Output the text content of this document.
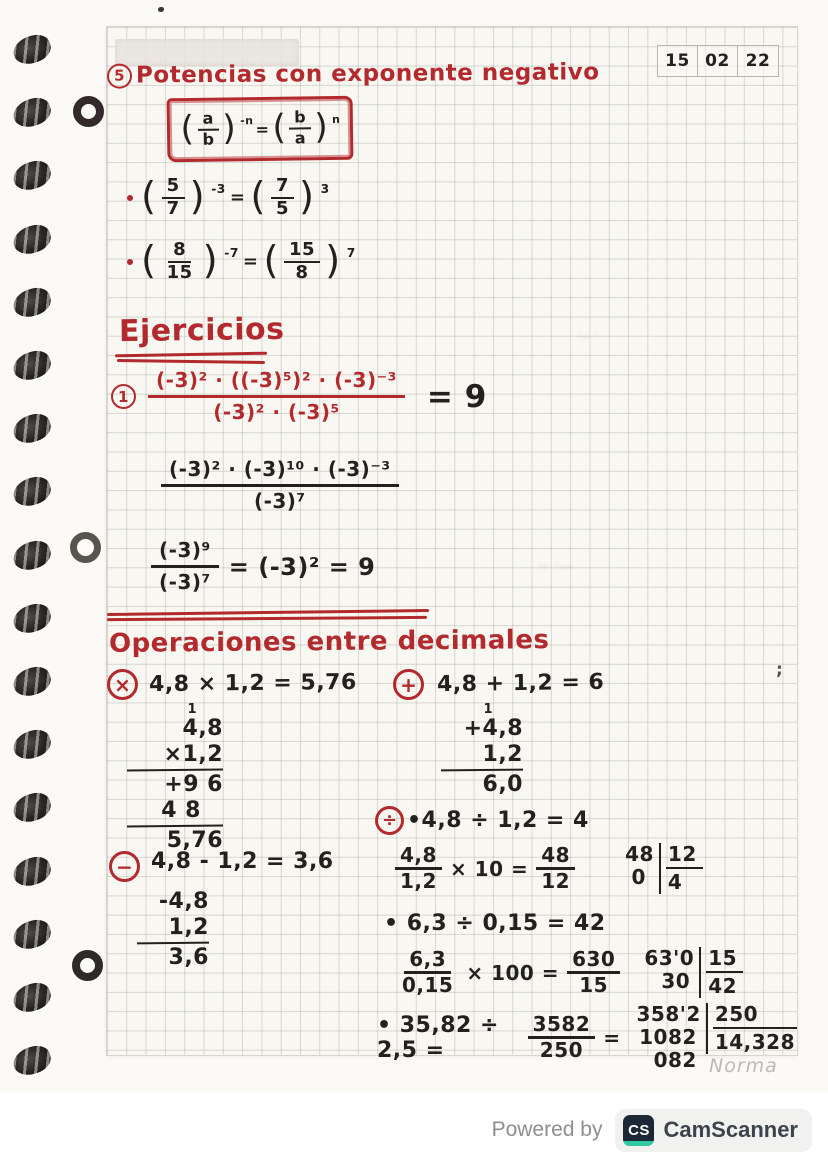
15 02 22
5 Potencias con exponente negativo
( $\frac{a}{b}$ ) -n = ( $\frac{b}{a}$ ) n
( $\frac{5}{7}$ ) -3 = ( $\frac{7}{5}$ ) 3
( $\frac{8}{15}$ ) -7 = ( $\frac{15}{8}$ ) 7
Ejercicios
$1 \frac{\text{(-3)² · ((-3)⁵)² · (-3)⁻³}}{\text{(-3)² · (-3)⁵}} = 9$
$\frac{\text{(-3)² · (-3)¹⁰ · (-3)⁻³}}{\text{(-3)⁷}}$
$\frac{\text{(-3)⁹}}{\text{(-3)⁷}} = (-3)^2 = 9$
Operaciones entre decimales
× 4,8 × 1,2 = 5,76
1
4,8
×1,2
+9 6
4 8
5,76
+ 4,8 + 1,2 = 6
1
+4,8
1,2
6,0
÷ •4,8 ÷ 1,2 = 4
− 4,8 - 1,2 = 3,6
-4,8
1,2
3,6
$\frac{4,8}{1,2} \times 10 = \frac{48}{12}$	48
0
12
4
• 6,3 ÷ 0,15 = 42
$\frac{6,3}{0,15} \times 100 = \frac{630}{15} 63'0$
30
15
42
• 35,82 ÷ 2,5 =	$\frac{3582}{250}$ =
358'2
1082
082
250
14,328
Norma
~ ·—
·– ·
;
Powered by CS CamScanner
